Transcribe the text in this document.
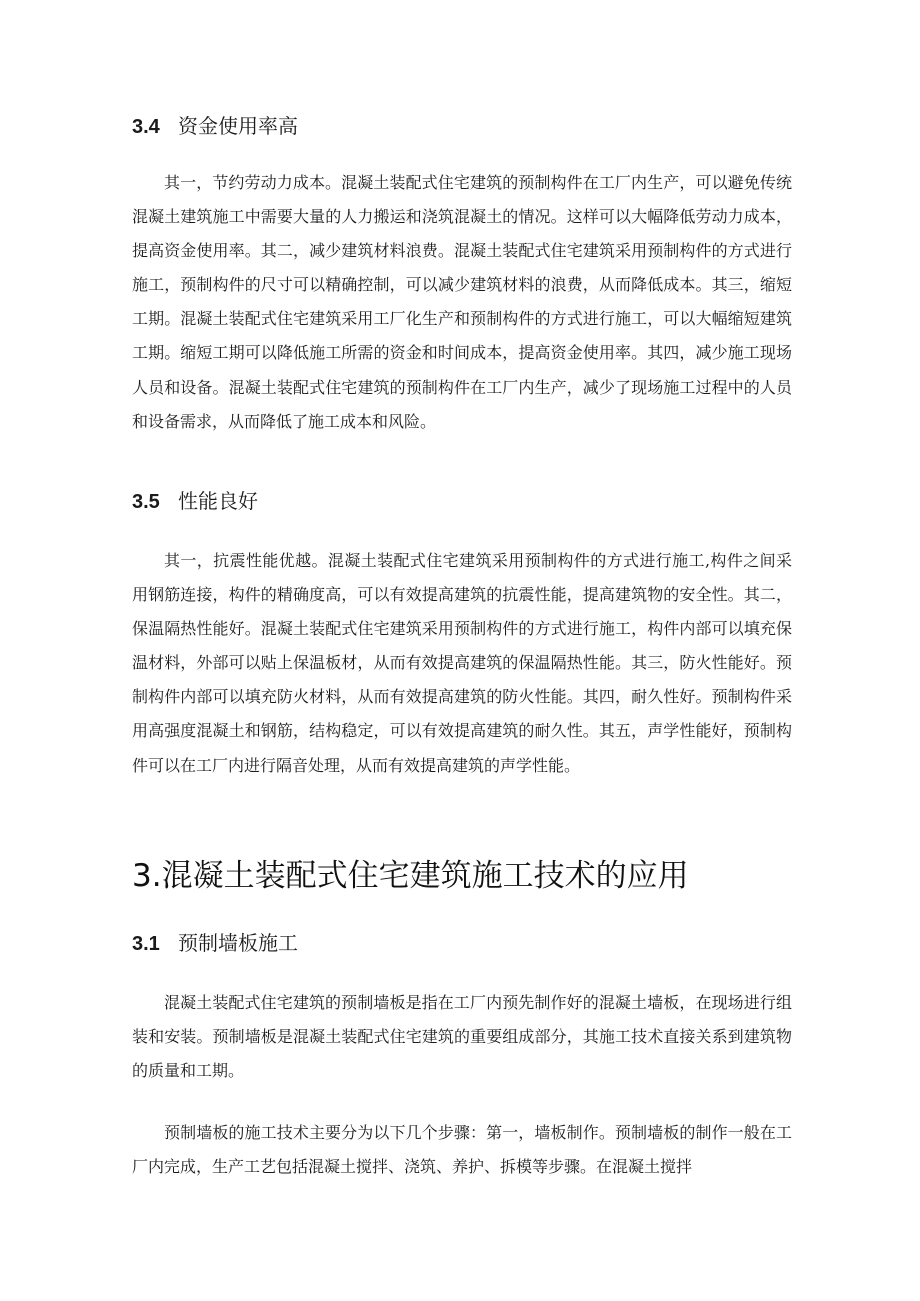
3.4 资金使用率高
其一，节约劳动力成本。混凝土装配式住宅建筑的预制构件在工厂内生产，可以避免传统混凝土建筑施工中需要大量的人力搬运和浇筑混凝土的情况。这样可以大幅降低劳动力成本，提高资金使用率。其二，减少建筑材料浪费。混凝土装配式住宅建筑采用预制构件的方式进行施工，预制构件的尺寸可以精确控制，可以减少建筑材料的浪费，从而降低成本。其三，缩短工期。混凝土装配式住宅建筑采用工厂化生产和预制构件的方式进行施工，可以大幅缩短建筑工期。缩短工期可以降低施工所需的资金和时间成本，提高资金使用率。其四，减少施工现场人员和设备。混凝土装配式住宅建筑的预制构件在工厂内生产，减少了现场施工过程中的人员和设备需求，从而降低了施工成本和风险。
3.5 性能良好
其一，抗震性能优越。混凝土装配式住宅建筑采用预制构件的方式进行施工,构件之间采用钢筋连接，构件的精确度高，可以有效提高建筑的抗震性能，提高建筑物的安全性。其二，保温隔热性能好。混凝土装配式住宅建筑采用预制构件的方式进行施工，构件内部可以填充保温材料，外部可以贴上保温板材，从而有效提高建筑的保温隔热性能。其三，防火性能好。预制构件内部可以填充防火材料，从而有效提高建筑的防火性能。其四，耐久性好。预制构件采用高强度混凝土和钢筋，结构稳定，可以有效提高建筑的耐久性。其五，声学性能好，预制构件可以在工厂内进行隔音处理，从而有效提高建筑的声学性能。
3.混凝土装配式住宅建筑施工技术的应用
3.1 预制墙板施工
混凝土装配式住宅建筑的预制墙板是指在工厂内预先制作好的混凝土墙板，在现场进行组装和安装。预制墙板是混凝土装配式住宅建筑的重要组成部分，其施工技术直接关系到建筑物的质量和工期。
预制墙板的施工技术主要分为以下几个步骤：第一，墙板制作。预制墙板的制作一般在工厂内完成，生产工艺包括混凝土搅拌、浇筑、养护、拆模等步骤。在混凝土搅拌
